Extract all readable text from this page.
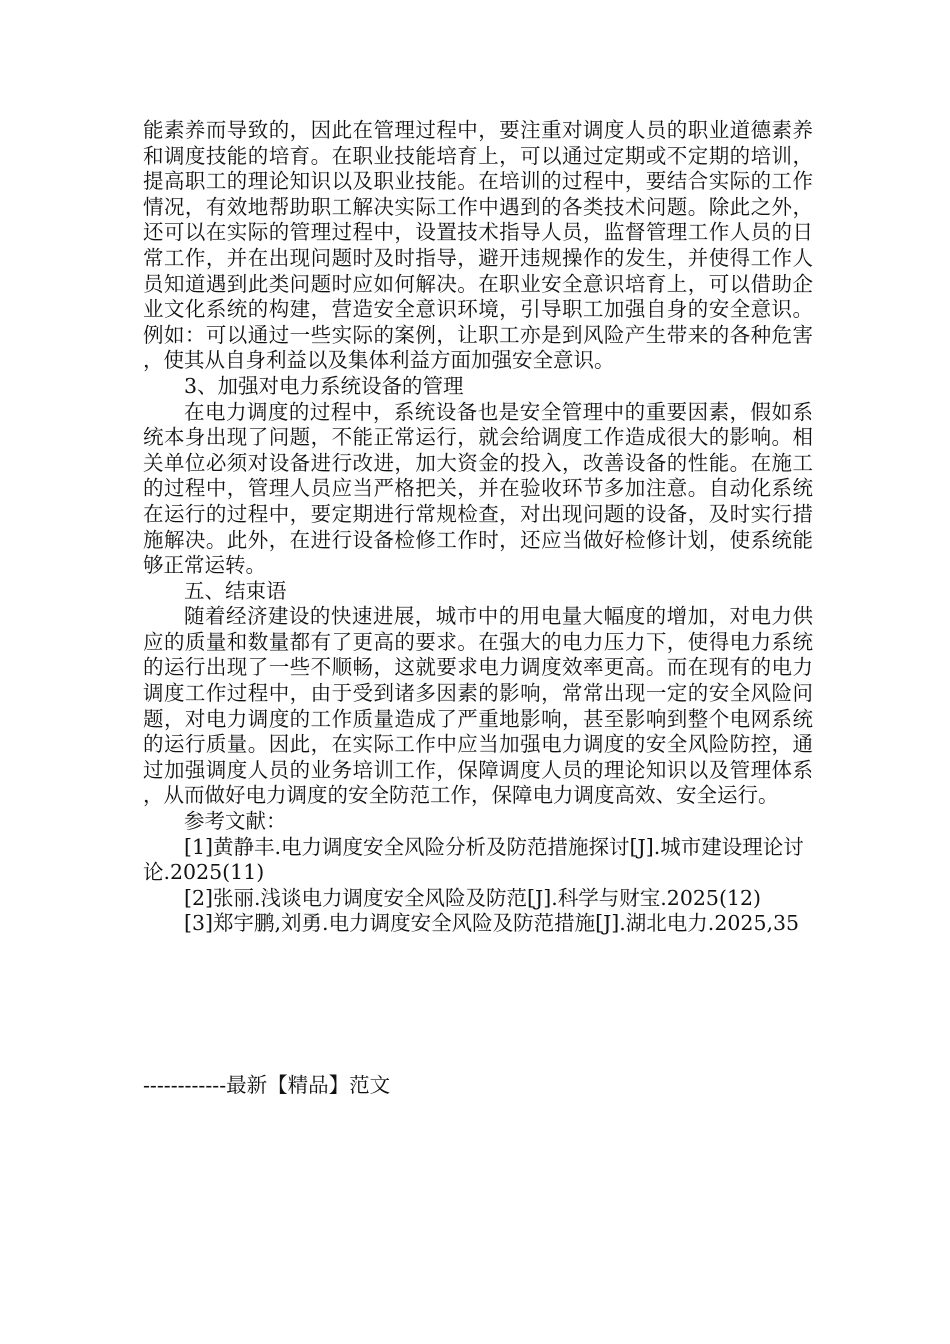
能素养而导致的，因此在管理过程中，要注重对调度人员的职业道德素养和调度技能的培育。在职业技能培育上，可以通过定期或不定期的培训，提高职工的理论知识以及职业技能。在培训的过程中，要结合实际的工作情况，有效地帮助职工解决实际工作中遇到的各类技术问题。除此之外，还可以在实际的管理过程中，设置技术指导人员，监督管理工作人员的日常工作，并在出现问题时及时指导，避开违规操作的发生，并使得工作人员知道遇到此类问题时应如何解决。在职业安全意识培育上，可以借助企业文化系统的构建，营造安全意识环境，引导职工加强自身的安全意识。例如：可以通过一些实际的案例，让职工亦是到风险产生带来的各种危害，使其从自身利益以及集体利益方面加强安全意识。

3、加强对电力系统设备的管理

在电力调度的过程中，系统设备也是安全管理中的重要因素，假如系统本身出现了问题，不能正常运行，就会给调度工作造成很大的影响。相关单位必须对设备进行改进，加大资金的投入，改善设备的性能。在施工的过程中，管理人员应当严格把关，并在验收环节多加注意。自动化系统在运行的过程中，要定期进行常规检查，对出现问题的设备，及时实行措施解决。此外，在进行设备检修工作时，还应当做好检修计划，使系统能够正常运转。

五、结束语

随着经济建设的快速进展，城市中的用电量大幅度的增加，对电力供应的质量和数量都有了更高的要求。在强大的电力压力下，使得电力系统的运行出现了一些不顺畅，这就要求电力调度效率更高。而在现有的电力调度工作过程中，由于受到诸多因素的影响，常常出现一定的安全风险问题，对电力调度的工作质量造成了严重地影响，甚至影响到整个电网系统的运行质量。因此，在实际工作中应当加强电力调度的安全风险防控，通过加强调度人员的业务培训工作，保障调度人员的理论知识以及管理体系，从而做好电力调度的安全防范工作，保障电力调度高效、安全运行。

参考文献：

[1]黄静丰.电力调度安全风险分析及防范措施探讨[J].城市建设理论讨论.2025(11)

[2]张丽.浅谈电力调度安全风险及防范[J].科学与财宝.2025(12)

[3]郑宇鹏,刘勇.电力调度安全风险及防范措施[J].湖北电力.2025,35

------------最新【精品】范文
